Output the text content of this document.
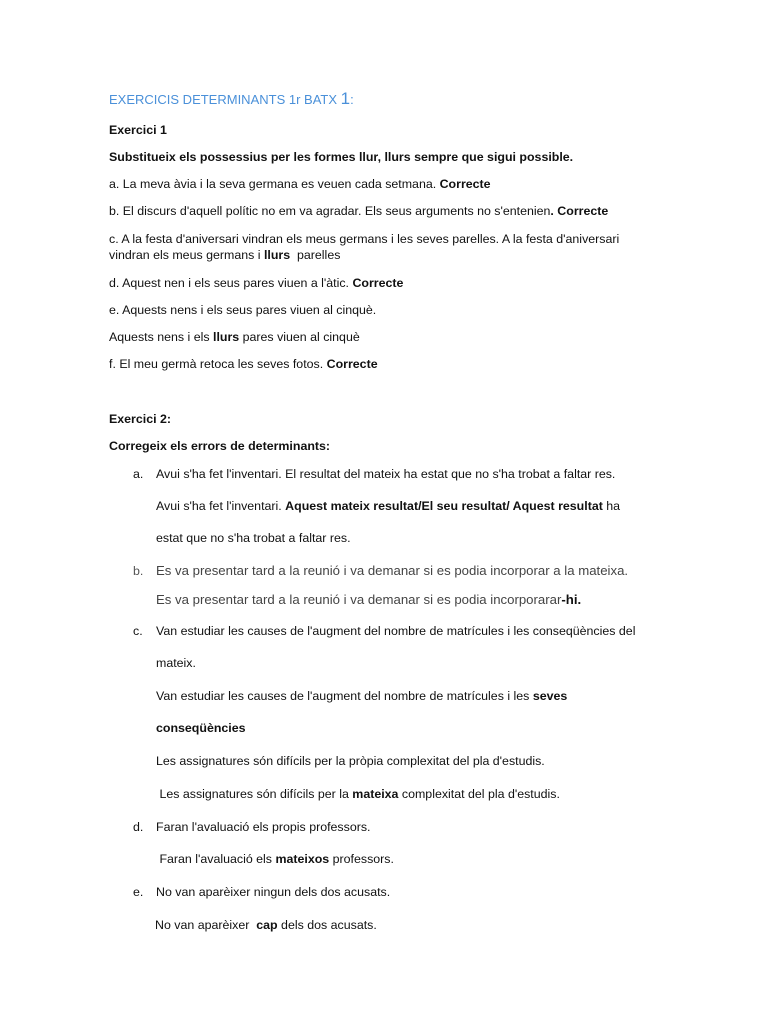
EXERCICIS DETERMINANTS 1r BATX 1:
Exercici 1
Substitueix els possessius per les formes llur, llurs sempre que sigui possible.
a. La meva àvia i la seva germana es veuen cada setmana. Correcte
b. El discurs d'aquell polític no em va agradar. Els seus arguments no s'entenien. Correcte
c. A la festa d'aniversari vindran els meus germans i les seves parelles. A la festa d'aniversari
vindran els meus germans i llurs  parelles
d. Aquest nen i els seus pares viuen a l'àtic. Correcte
e. Aquests nens i els seus pares viuen al cinquè.
Aquests nens i els llurs pares viuen al cinquè
f. El meu germà retoca les seves fotos. Correcte
Exercici 2:
Corregeix els errors de determinants:
a. Avui s'ha fet l'inventari. El resultat del mateix ha estat que no s'ha trobat a faltar res.
Avui s'ha fet l'inventari. Aquest mateix resultat/El seu resultat/ Aquest resultat ha
estat que no s'ha trobat a faltar res.
b. Es va presentar tard a la reunió i va demanar si es podia incorporar a la mateixa.
Es va presentar tard a la reunió i va demanar si es podia incorporarar-hi.
c. Van estudiar les causes de l'augment del nombre de matrícules i les conseqüències del
mateix.
Van estudiar les causes de l'augment del nombre de matrícules i les seves
conseqüències
Les assignatures són difícils per la pròpia complexitat del pla d'estudis.
Les assignatures són difícils per la mateixa complexitat del pla d'estudis.
d. Faran l'avaluació els propis professors.
Faran l'avaluació els mateixos professors.
e. No van aparèixer ningun dels dos acusats.
No van aparèixer  cap dels dos acusats.
